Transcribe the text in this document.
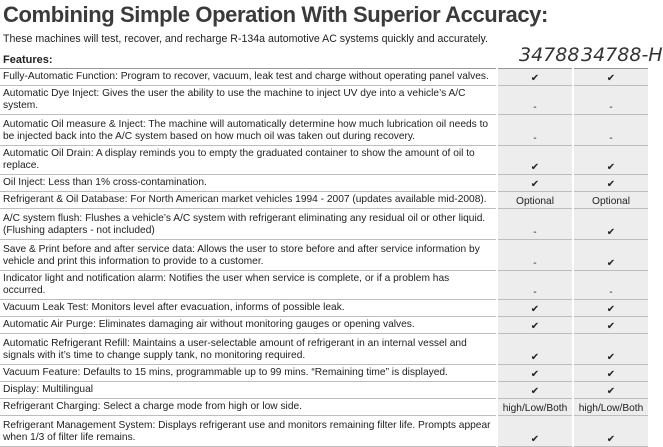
Combining Simple Operation With Superior Accuracy:
These machines will test, recover, and recharge R-134a automotive AC systems quickly and accurately.
34788 34788-H
Features:		
Fully-Automatic Function: Program to recover, vacuum, leak test and charge without operating panel valves.	✔	✔
Automatic Dye Inject: Gives the user the ability to use the machine to inject UV dye into a vehicle’s A/C system.	-	-
Automatic Oil measure & Inject: The machine will automatically determine how much lubrication oil needs to be injected back into the A/C system based on how much oil was taken out during recovery.	-	-
Automatic Oil Drain: A display reminds you to empty the graduated container to show the amount of oil to replace.	✔	✔
Oil Inject: Less than 1% cross-contamination.	✔	✔
Refrigerant & Oil Database: For North American market vehicles 1994 - 2007 (updates available mid-2008).	Optional	Optional
A/C system flush: Flushes a vehicle’s A/C system with refrigerant eliminating any residual oil or other liquid. (Flushing adapters - not included)	-	✔
Save & Print before and after service data: Allows the user to store before and after service information by vehicle and print this information to provide to a customer.	-	✔
Indicator light and notification alarm: Notifies the user when service is complete, or if a problem has occurred.	-	-
Vacuum Leak Test: Monitors level after evacuation, informs of possible leak.	✔	✔
Automatic Air Purge: Eliminates damaging air without monitoring gauges or opening valves.	✔	✔
Automatic Refrigerant Refill: Maintains a user-selectable amount of refrigerant in an internal vessel and signals with it’s time to change supply tank, no monitoring required.	✔	✔
Vacuum Feature: Defaults to 15 mins, programmable up to 99 mins. “Remaining time” is displayed.	✔	✔
Display: Multilingual	✔	✔
Refrigerant Charging: Select a charge mode from high or low side.	high/Low/Both	high/Low/Both
Refrigerant Management System: Displays refrigerant use and monitors remaining filter life. Prompts appear when 1/3 of filter life remains.	✔	✔
